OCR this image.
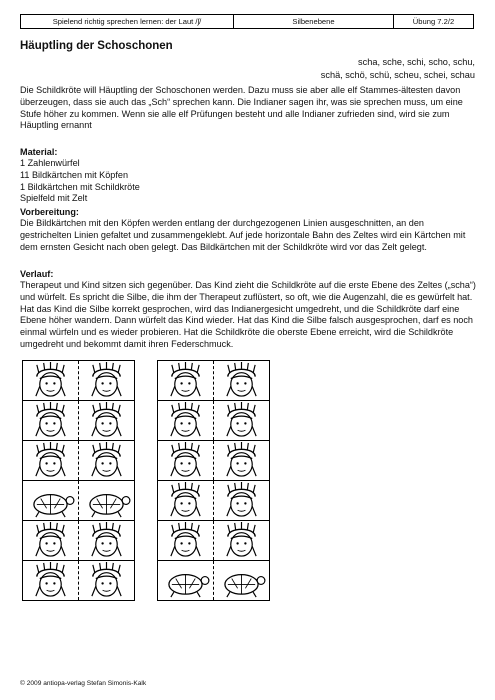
Spielend richtig sprechen lernen: der Laut /ʃ/	Silbenebene	Übung 7.2/2
Häuptling der Schoschonen
scha, sche, schi, scho, schu,
schä, schö, schü, scheu, schei, schau
Die Schildkröte will Häuptling der Schoschonen werden. Dazu muss sie aber alle elf Stammes-ältesten davon überzeugen, dass sie auch das „Sch“ sprechen kann. Die Indianer sagen ihr, was sie sprechen muss, um eine Stufe höher zu kommen. Wenn sie alle elf Prüfungen besteht und alle Indianer zufrieden sind, wird sie zum Häuptling ernannt
Material:
1 Zahlenwürfel
11 Bildkärtchen mit Köpfen
1 Bildkärtchen mit Schildkröte
Spielfeld mit Zelt
Vorbereitung:
Die Bildkärtchen mit den Köpfen werden entlang der durchgezogenen Linien ausgeschnitten, an den gestrichelten Linien gefaltet und zusammengeklebt. Auf jede horizontale Bahn des Zeltes wird ein Kärtchen mit dem ernsten Gesicht nach oben gelegt. Das Bildkärtchen mit der Schildkröte wird vor das Zelt gelegt.
Verlauf:
Therapeut und Kind sitzen sich gegenüber. Das Kind zieht die Schildkröte auf die erste Ebene des Zeltes („scha“) und würfelt. Es spricht die Silbe, die ihm der Therapeut zuflüstert, so oft, wie die Augenzahl, die es gewürfelt hat. Hat das Kind die Silbe korrekt gesprochen, wird das Indianergesicht umgedreht, und die Schildkröte darf eine Ebene höher wandern. Dann würfelt das Kind wieder. Hat das Kind die Silbe falsch ausgesprochen, darf es noch einmal würfeln und es wieder probieren. Hat die Schildkröte die oberste Ebene erreicht, wird die Schildkröte umgedreht und bekommt damit ihren Federschmuck.

© 2009 antiopa-verlag Stefan Simonis-Kalk
